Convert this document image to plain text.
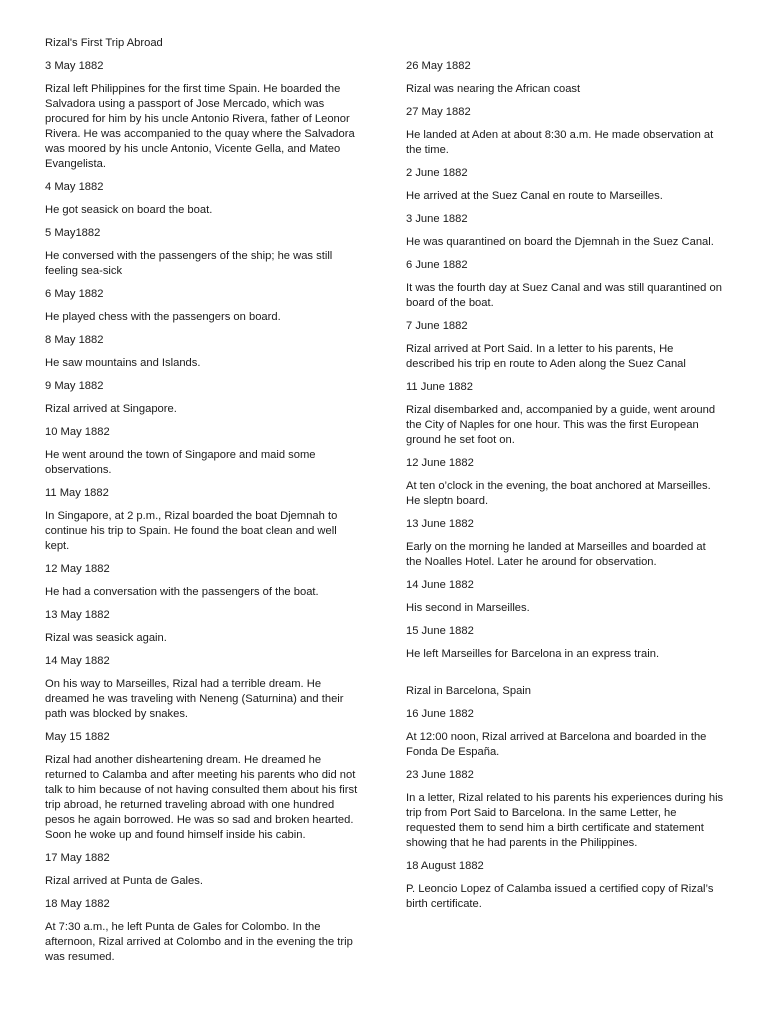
Rizal's First Trip Abroad

3 May 1882

Rizal left Philippines for the first time Spain. He boarded the Salvadora using a passport of Jose Mercado, which was procured for him by his uncle Antonio Rivera, father of Leonor Rivera. He was accompanied to the quay where the Salvadora was moored by his uncle Antonio, Vicente Gella, and Mateo Evangelista.

4 May 1882

He got seasick on board the boat.

5 May1882

He conversed with the passengers of the ship; he was still feeling sea-sick

6 May 1882

He played chess with the passengers on board.

8 May 1882

He saw mountains and Islands.

9 May 1882

Rizal arrived at Singapore.

10 May 1882

He went around the town of Singapore and maid some observations.

11 May 1882

In Singapore, at 2 p.m., Rizal boarded the boat Djemnah to continue his trip to Spain. He found the boat clean and well kept.

12 May 1882

He had a conversation with the passengers of the boat.

13 May 1882

Rizal was seasick again.

14 May 1882

On his way to Marseilles, Rizal had a terrible dream. He dreamed he was traveling with Neneng (Saturnina) and their path was blocked by snakes.

May 15 1882

Rizal had another disheartening dream. He dreamed he returned to Calamba and after meeting his parents who did not talk to him because of not having consulted them about his first trip abroad, he returned traveling abroad with one hundred pesos he again borrowed. He was so sad and broken hearted. Soon he woke up and found himself inside his cabin.

17 May 1882

Rizal arrived at Punta de Gales.

18 May 1882

At 7:30 a.m., he left Punta de Gales for Colombo. In the afternoon, Rizal arrived at Colombo and in the evening the trip was resumed.

26 May 1882

Rizal was nearing the African coast

27 May 1882

He landed at Aden at about 8:30 a.m. He made observation at the time.

2 June 1882

He arrived at the Suez Canal en route to Marseilles.

3 June 1882

He was quarantined on board the Djemnah in the Suez Canal.

6 June 1882

It was the fourth day at Suez Canal and was still quarantined on board of the boat.

7 June 1882

Rizal arrived at Port Said. In a letter to his parents, He described his trip en route to Aden along the Suez Canal

11 June 1882

Rizal disembarked and, accompanied by a guide, went around the City of Naples for one hour. This was the first European ground he set foot on.

12 June 1882

At ten o’clock in the evening, the boat anchored at Marseilles. He sleptn board.

13 June 1882

Early on the morning he landed at Marseilles and boarded at the Noalles Hotel. Later he around for observation.

14 June 1882

His second in Marseilles.

15 June 1882

He left Marseilles for Barcelona in an express train.

Rizal in Barcelona, Spain

16 June 1882

At 12:00 noon, Rizal arrived at Barcelona and boarded in the Fonda De España.

23 June 1882

In a letter, Rizal related to his parents his experiences during his trip from Port Said to Barcelona. In the same Letter, he requested them to send him a birth certificate and statement showing that he had parents in the Philippines.

18 August 1882

P. Leoncio Lopez of Calamba issued a certified copy of Rizal’s birth certificate.
